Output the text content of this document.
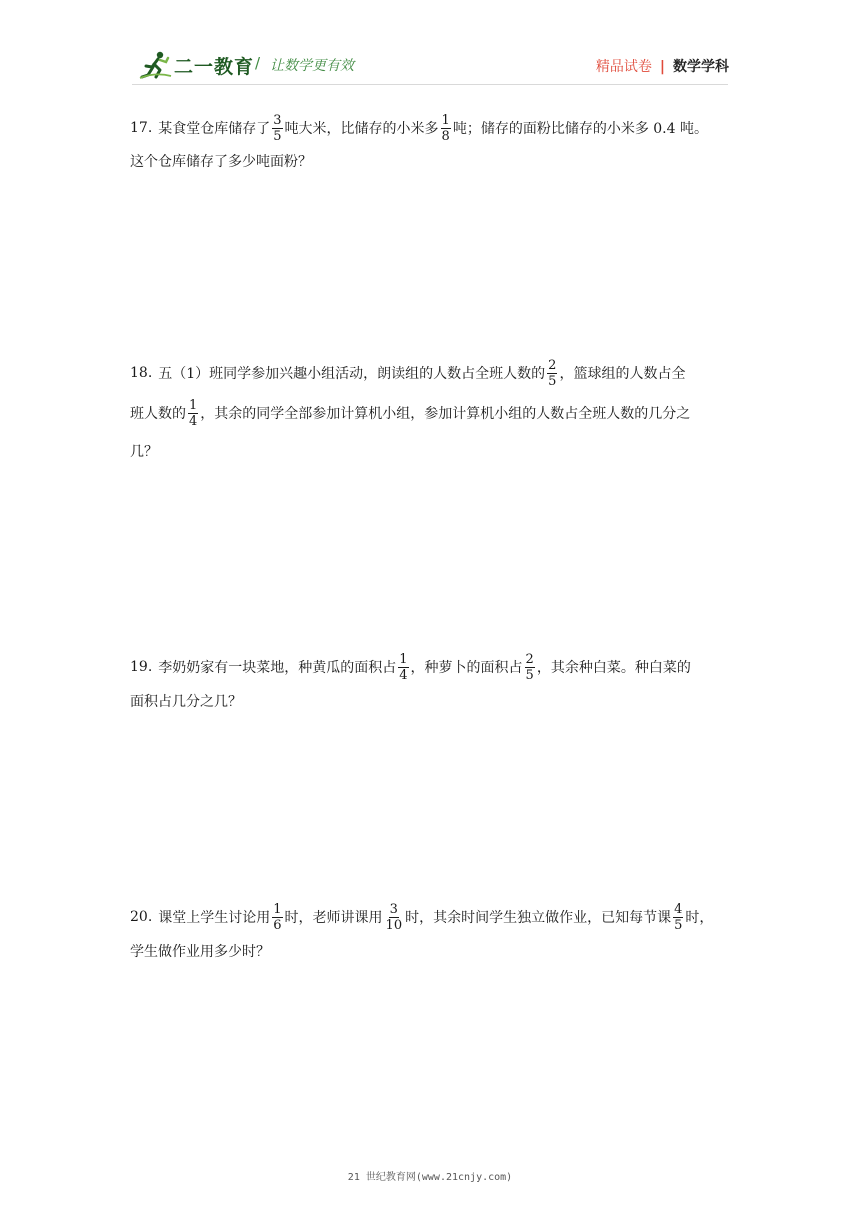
二一教育 / 让数学更有效	精品试卷 | 数学学科
17. 某食堂仓库储存了 $\frac{3}{5}$ 吨大米，比储存的小米多 $\frac{1}{8}$ 吨；储存的面粉比储存的小米多 0.4 吨。
这个仓库储存了多少吨面粉？
18. 五（1）班同学参加兴趣小组活动，朗读组的人数占全班人数的 $\frac{2}{5}$ ，篮球组的人数占全
班人数的 $\frac{1}{4}$ ，其余的同学全部参加计算机小组，参加计算机小组的人数占全班人数的几分之
几？
19. 李奶奶家有一块菜地，种黄瓜的面积占 $\frac{1}{4}$ ，种萝卜的面积占 $\frac{2}{5}$ ，其余种白菜。种白菜的
面积占几分之几？
20. 课堂上学生讨论用 $\frac{1}{6}$ 时，老师讲课用 $\frac{3}{10}$ 时，其余时间学生独立做作业，已知每节课 $\frac{4}{5}$ 时，
学生做作业用多少时？
21 世纪教育网(www.21cnjy.com)
